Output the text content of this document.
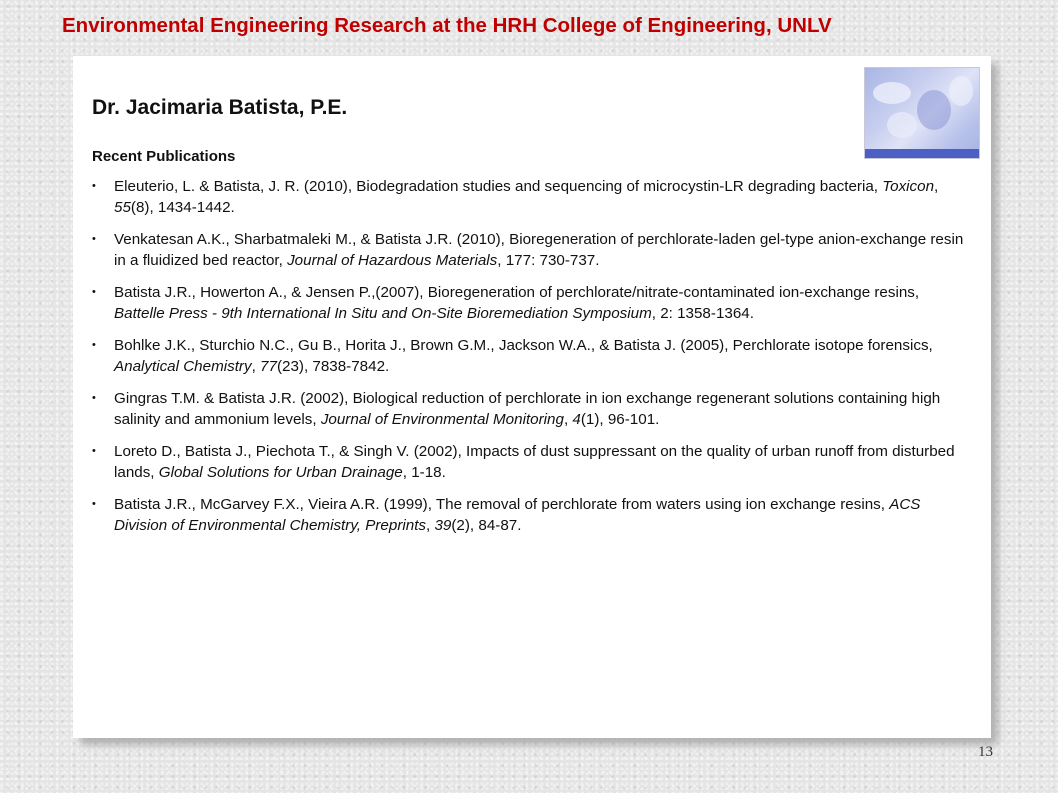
Environmental Engineering Research at the HRH College of Engineering, UNLV
Dr. Jacimaria Batista, P.E.
Recent Publications
• Eleuterio, L. & Batista, J. R. (2010), Biodegradation studies and sequencing of microcystin-LR degrading bacteria, Toxicon, 55(8), 1434-1442.
• Venkatesan A.K., Sharbatmaleki M., & Batista J.R. (2010), Bioregeneration of perchlorate-laden gel-type anion-exchange resin in a fluidized bed reactor, Journal of Hazardous Materials, 177: 730-737.
• Batista J.R., Howerton A., & Jensen P.,(2007), Bioregeneration of perchlorate/nitrate-contaminated ion-exchange resins, Battelle Press - 9th International In Situ and On-Site Bioremediation Symposium, 2: 1358-1364.
• Bohlke J.K., Sturchio N.C., Gu B., Horita J., Brown G.M., Jackson W.A., & Batista J. (2005), Perchlorate isotope forensics, Analytical Chemistry, 77(23), 7838-7842.
• Gingras T.M. & Batista J.R. (2002), Biological reduction of perchlorate in ion exchange regenerant solutions containing high salinity and ammonium levels, Journal of Environmental Monitoring, 4(1), 96-101.
• Loreto D., Batista J., Piechota T., & Singh V. (2002), Impacts of dust suppressant on the quality of urban runoff from disturbed lands, Global Solutions for Urban Drainage, 1-18.
• Batista J.R., McGarvey F.X., Vieira A.R. (1999), The removal of perchlorate from waters using ion exchange resins, ACS Division of Environmental Chemistry, Preprints, 39(2), 84-87.

13
